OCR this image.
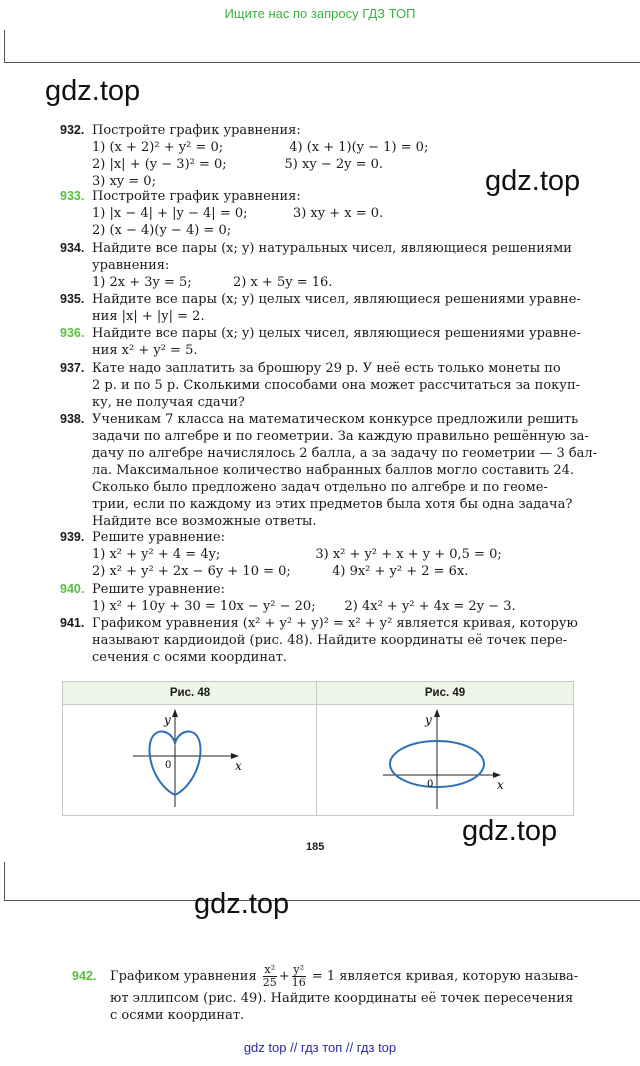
Ищите нас по запросу ГДЗ ТОП
gdz.top
gdz.top
932. Постройте график уравнения:
1) (x + 2)² + y² = 0;                4) (x + 1)(y − 1) = 0;
2) |x| + (y − 3)² = 0;              5) xy − 2y = 0.
3) xy = 0;
933. Постройте график уравнения:
1) |x − 4| + |y − 4| = 0;           3) xy + x = 0.
2) (x − 4)(y − 4) = 0;
934. Найдите все пары (x; y) натуральных чисел, являющиеся решениями
уравнения:
1) 2x + 3y = 5;          2) x + 5y = 16.
935. Найдите все пары (x; y) целых чисел, являющиеся решениями уравне-
ния |x| + |y| = 2.
936. Найдите все пары (x; y) целых чисел, являющиеся решениями уравне-
ния x² + y² = 5.
937. Кате надо заплатить за брошюру 29 р. У неё есть только монеты по
2 р. и по 5 р. Сколькими способами она может рассчитаться за покуп-
ку, не получая сдачи?
938. Ученикам 7 класса на математическом конкурсе предложили решить
задачи по алгебре и по геометрии. За каждую правильно решённую за-
дачу по алгебре начислялось 2 балла, а за задачу по геометрии — 3 бал-
ла. Максимальное количество набранных баллов могло составить 24.
Сколько было предложено задач отдельно по алгебре и по геоме-
трии, если по каждому из этих предметов была хотя бы одна задача?
Найдите все возможные ответы.
939. Решите уравнение:
1) x² + y² + 4 = 4y;                       3) x² + y² + x + y + 0,5 = 0;
2) x² + y² + 2x − 6y + 10 = 0;          4) 9x² + y² + 2 = 6x.
940. Решите уравнение:
1) x² + 10y + 30 = 10x − y² − 20;       2) 4x² + y² + 4x = 2y − 3.
941. Графиком уравнения (x² + y² + y)² = x² + y² является кривая, которую
называют кардиоидой (рис. 48). Найдите координаты её точек пере-
сечения с осями координат.
Рис. 48
y
x
0
Рис. 49
y
x
0
gdz.top
185
gdz.top
942. Графиком уравнения $\frac{\text{x²}}{25} + \frac{\text{y²}}{16} = 1$ является кривая, которую называ-
ют эллипсом (рис. 49). Найдите координаты её точек пересечения
с осями координат.
gdz top // гдз топ // гдз top
